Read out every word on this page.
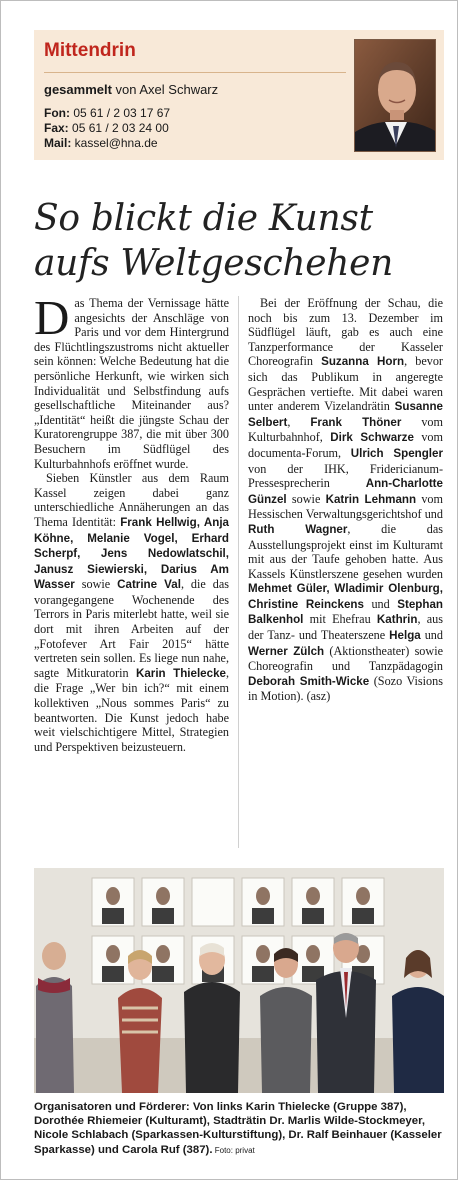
Mittendrin
gesammelt von Axel Schwarz
Fon: 05 61 / 2 03 17 67
Fax: 05 61 / 2 03 24 00
Mail: kassel@hna.de
So blickt die Kunst
aufs Weltgeschehen

Das Thema der Vernissage hätte angesichts der Anschläge von Paris und vor dem Hintergrund des Flüchtlingszustroms nicht aktueller sein können: Welche Bedeutung hat die persönliche Herkunft, wie wirken sich Individualität und Selbstfindung aufs gesellschaftliche Miteinander aus? „Identität“ heißt die jüngste Schau der Kuratorengruppe 387, die mit über 300 Besuchern im Südflügel des Kulturbahnhofs eröffnet wurde.

Sieben Künstler aus dem Raum Kassel zeigen dabei ganz unterschiedliche Annäherungen an das Thema Identität: Frank Hellwig, Anja Köhne, Melanie Vogel, Erhard Scherpf, Jens Nedowlatschil, Janusz Siewierski, Darius Am Wasser sowie Catrine Val, die das vorangegangene Wochenende des Terrors in Paris miterlebt hatte, weil sie dort mit ihren Arbeiten auf der „Fotofever Art Fair 2015“ hätte vertreten sein sollen. Es liege nun nahe, sagte Mitkuratorin Karin Thielecke, die Frage „Wer bin ich?“ mit einem kollektiven „Nous sommes Paris“ zu beantworten. Die Kunst jedoch habe weit vielschichtigere Mittel, Strategien und Perspektiven beizusteuern.

Bei der Eröffnung der Schau, die noch bis zum 13. Dezember im Südflügel läuft, gab es auch eine Tanzperformance der Kasseler Choreografin Suzanna Horn, bevor sich das Publikum in angeregte Gesprächen vertiefte. Mit dabei waren unter anderem Vizelandrätin Susanne Selbert, Frank Thöner vom Kulturbahnhof, Dirk Schwarze vom documenta-Forum, Ulrich Spengler von der IHK, Fridericianum-Pressesprecherin Ann-Charlotte Günzel sowie Katrin Lehmann vom Hessischen Verwaltungsgerichtshof und Ruth Wagner, die das Ausstellungsprojekt einst im Kulturamt mit aus der Taufe gehoben hatte. Aus Kassels Künstlerszene gesehen wurden Mehmet Güler, Wladimir Olenburg, Christine Reinckens und Stephan Balkenhol mit Ehefrau Kathrin, aus der Tanz- und Theaterszene Helga und Werner Zülch (Aktionstheater) sowie Choreografin und Tanzpädagogin Deborah Smith-Wicke (Sozo Visions in Motion). (asz)

Organisatoren und Förderer: Von links Karin Thielecke (Gruppe 387), Dorothée Rhiemeier (Kulturamt), Stadträtin Dr. Marlis Wilde-Stockmeyer, Nicole Schlabach (Sparkassen-Kulturstiftung), Dr. Ralf Beinhauer (Kasseler Sparkasse) und Carola Ruf (387). Foto: privat
